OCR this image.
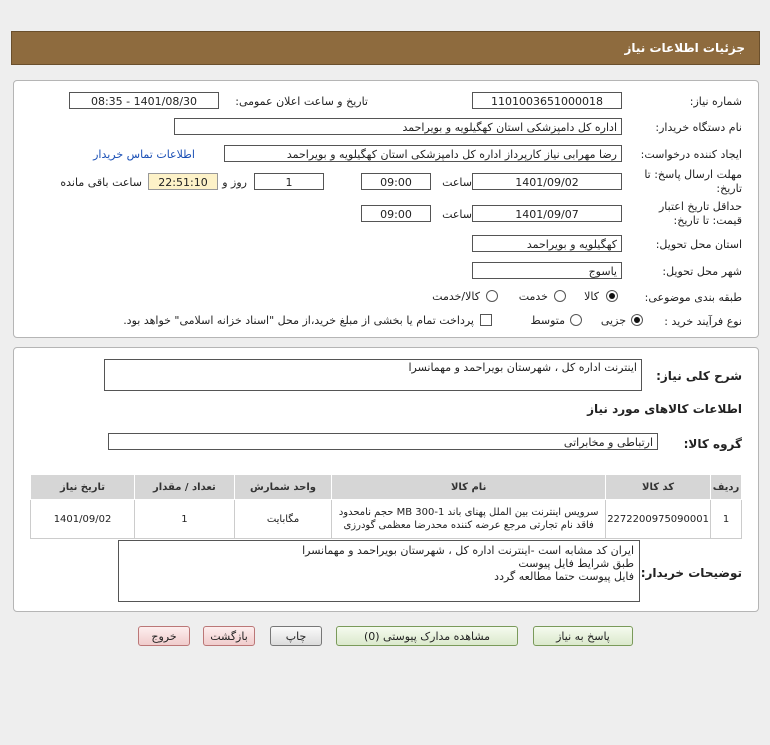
جزئیات اطلاعات نیاز
شماره نیاز:
1101003651000018
تاریخ و ساعت اعلان عمومی:
1401/08/30 - 08:35
نام دستگاه خریدار:
اداره کل دامپزشکی استان کهگیلویه و بویراحمد
ایجاد کننده درخواست:
رضا مهرابی نیاز کارپرداز اداره کل دامپزشکی استان کهگیلویه و بویراحمد
اطلاعات تماس خریدار
مهلت ارسال پاسخ: تا تاریخ:
1401/09/02
ساعت
09:00
1
روز و
22:51:10
ساعت باقی مانده
حداقل تاریخ اعتبار قیمت: تا تاریخ:
1401/09/07
ساعت
09:00
استان محل تحویل:
کهگیلویه و بویراحمد
شهر محل تحویل:
یاسوج
طبقه بندی موضوعی:
کالا
خدمت
کالا/خدمت
نوع فرآیند خرید :
جزیی
متوسط
پرداخت تمام یا بخشی از مبلغ خرید،از محل "اسناد خزانه اسلامی" خواهد بود.
شرح کلی نیاز:
اینترنت اداره کل ، شهرستان بویراحمد و مهمانسرا
اطلاعات کالاهای مورد نیاز
گروه کالا:
ارتباطی و مخابراتی
ردیف	کد کالا	نام کالا	واحد شمارش	تعداد / مقدار	تاریخ نیاز
1	2272200975090001	سرویس اینترنت بین الملل پهنای باند MB 300-1 حجم نامحدود
فاقد نام تجارتی مرجع عرضه کننده محدرضا معظمی گودرزی	مگابایت	1	1401/09/02
توضیحات خریدار:
ایران کد مشابه است -اینترنت اداره کل ، شهرستان بویراحمد و مهمانسرا
طبق شرایط فایل پیوست
فایل پیوست حتما مطالعه گردد
پاسخ به نیاز
مشاهده مدارک پیوستی (0)
چاپ
بازگشت
خروج
